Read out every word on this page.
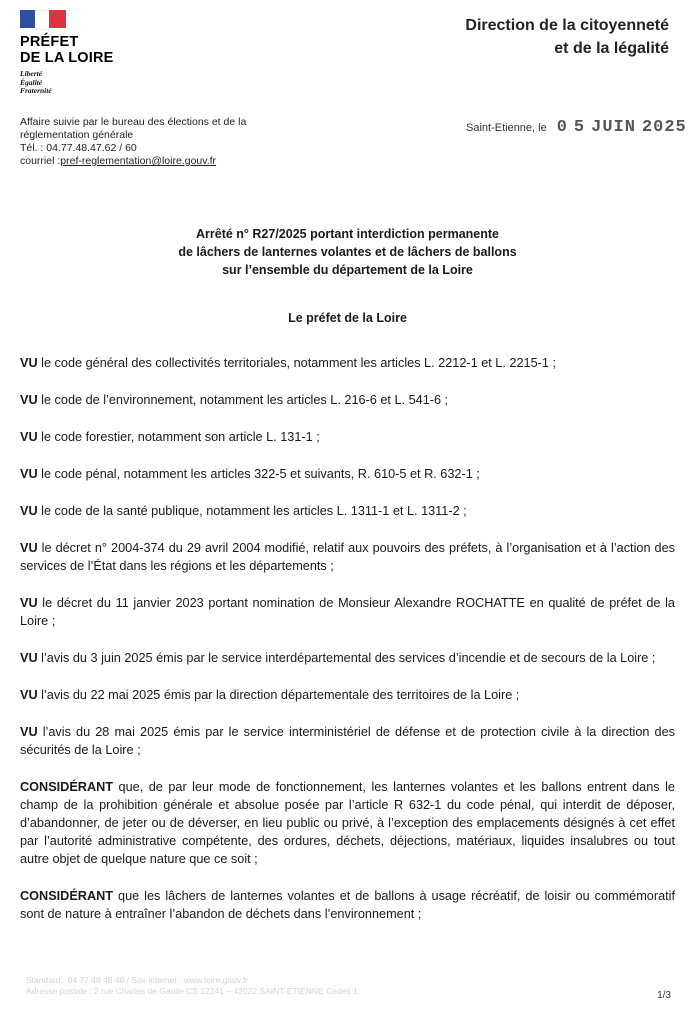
PRÉFET
DE LA LOIRE
Liberté
Égalité
Fraternité
Direction de la citoyenneté
et de la légalité
Affaire suivie par le bureau des élections et de la
réglementation générale
Tél. : 04.77.48.47.62 / 60
courriel :pref-reglementation@loire.gouv.fr
Saint-Etienne, le 0 5 JUIN 2025
Arrêté n° R27/2025 portant interdiction permanente
de lâchers de lanternes volantes et de lâchers de ballons
sur l’ensemble du département de la Loire
Le préfet de la Loire

VU le code général des collectivités territoriales, notamment les articles L. 2212-1 et L. 2215-1 ;

VU le code de l’environnement, notamment les articles L. 216-6 et L. 541-6 ;

VU le code forestier, notamment son article L. 131-1 ;

VU le code pénal, notamment les articles 322-5 et suivants, R. 610-5 et R. 632-1 ;

VU le code de la santé publique, notamment les articles L. 1311-1 et L. 1311-2 ;

VU le décret n° 2004-374 du 29 avril 2004 modifié, relatif aux pouvoirs des préfets, à l’organisation et à l’action des services de l’État dans les régions et les départements ;

VU le décret du 11 janvier 2023 portant nomination de Monsieur Alexandre ROCHATTE en qualité de préfet de la Loire ;

VU l’avis du 3 juin 2025 émis par le service interdépartemental des services d’incendie et de secours de la Loire ;

VU l’avis du 22 mai 2025 émis par la direction départementale des territoires de la Loire ;

VU l’avis du 28 mai 2025 émis par le service interministériel de défense et de protection civile à la direction des sécurités de la Loire ;

CONSIDÉRANT que, de par leur mode de fonctionnement, les lanternes volantes et les ballons entrent dans le champ de la prohibition générale et absolue posée par l’article R 632-1 du code pénal, qui interdit de déposer, d’abandonner, de jeter ou de déverser, en lieu public ou privé, à l’exception des emplacements désignés à cet effet par l’autorité administrative compétente, des ordures, déchets, déjections, matériaux, liquides insalubres ou tout autre objet de quelque nature que ce soit ;

CONSIDÉRANT que les lâchers de lanternes volantes et de ballons à usage récréatif, de loisir ou commémoratif sont de nature à entraîner l’abandon de déchets dans l’environnement ;

Standard : 04 77 48 48 48 / Site internet : www.loire.gouv.fr
Adresse postale : 2 rue Charles de Gaulle CS 12241 – 42022 SAINT-ETIENNE Cedex 1	1/3
